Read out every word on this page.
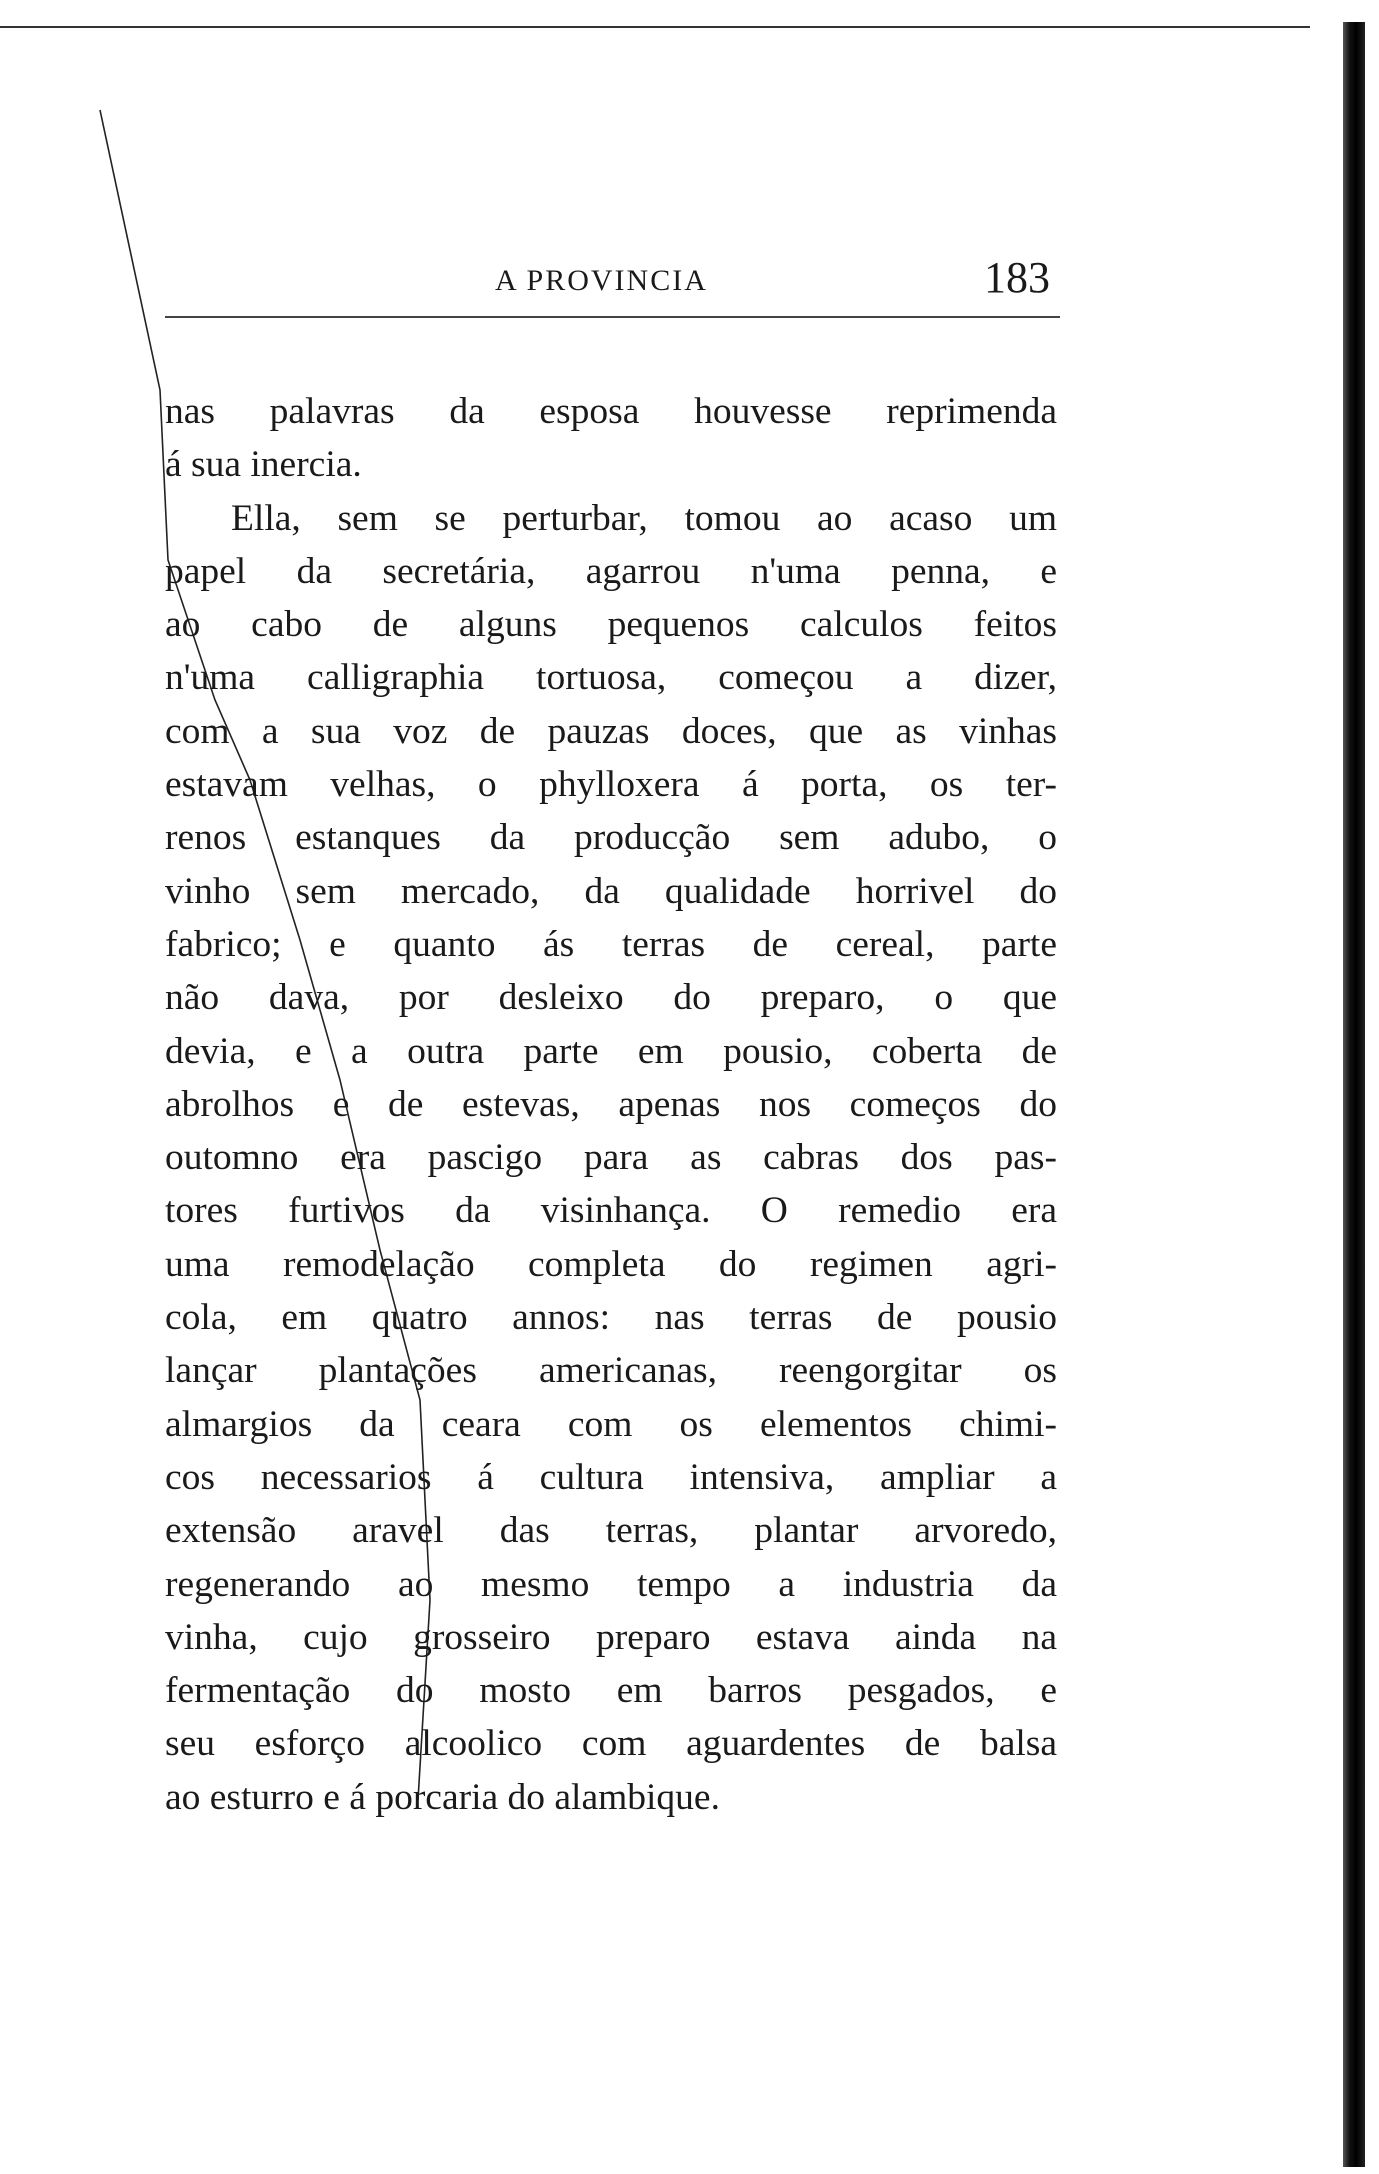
A PROVINCIA	183
nas palavras da esposa houvesse reprimenda
á sua inercia.
Ella, sem se perturbar, tomou ao acaso um
papel da secretária, agarrou n'uma penna, e
ao cabo de alguns pequenos calculos feitos
n'uma calligraphia tortuosa, começou a dizer,
com a sua voz de pauzas doces, que as vinhas
estavam velhas, o phylloxera á porta, os ter-
renos estanques da producção sem adubo, o
vinho sem mercado, da qualidade horrivel do
fabrico; e quanto ás terras de cereal, parte
não dava, por desleixo do preparo, o que
devia, e a outra parte em pousio, coberta de
abrolhos e de estevas, apenas nos começos do
outomno era pascigo para as cabras dos pas-
tores furtivos da visinhança. O remedio era
uma remodelação completa do regimen agri-
cola, em quatro annos: nas terras de pousio
lançar plantações americanas, reengorgitar os
almargios da ceara com os elementos chimi-
cos necessarios á cultura intensiva, ampliar a
extensão aravel das terras, plantar arvoredo,
regenerando ao mesmo tempo a industria da
vinha, cujo grosseiro preparo estava ainda na
fermentação do mosto em barros pesgados, e
seu esforço alcoolico com aguardentes de balsa
ao esturro e á porcaria do alambique.
